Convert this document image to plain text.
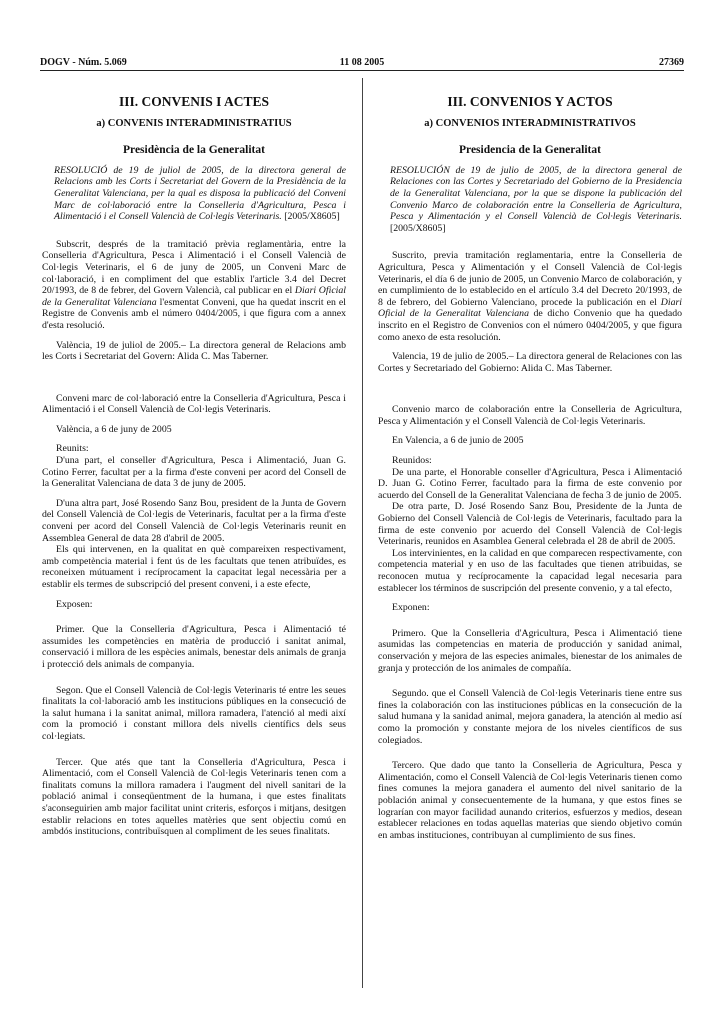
DOGV - Núm. 5.069	11 08 2005	27369
III. CONVENIS I ACTES
a) CONVENIS INTERADMINISTRATIUS
Presidència de la Generalitat
RESOLUCIÓ de 19 de juliol de 2005, de la directora general de Relacions amb les Corts i Secretariat del Govern de la Presidència de la Generalitat Valenciana, per la qual es disposa la publicació del Conveni Marc de col·laboració entre la Conselleria d'Agricultura, Pesca i Alimentació i el Consell Valencià de Col·legis Veterinaris. [2005/X8605]

Subscrit, després de la tramitació prèvia reglamentària, entre la Conselleria d'Agricultura, Pesca i Alimentació i el Consell Valencià de Col·legis Veterinaris, el 6 de juny de 2005, un Conveni Marc de col·laboració, i en compliment del que establix l'article 3.4 del Decret 20/1993, de 8 de febrer, del Govern Valencià, cal publicar en el Diari Oficial de la Generalitat Valenciana l'esmentat Conveni, que ha quedat inscrit en el Registre de Convenis amb el número 0404/2005, i que figura com a annex d'esta resolució.

València, 19 de juliol de 2005.– La directora general de Relacions amb les Corts i Secretariat del Govern: Alida C. Mas Taberner.

Conveni marc de col·laboració entre la Conselleria d'Agricultura, Pesca i Alimentació i el Consell Valencià de Col·legis Veterinaris.

València, a 6 de juny de 2005

Reunits:

D'una part, el conseller d'Agricultura, Pesca i Alimentació, Juan G. Cotino Ferrer, facultat per a la firma d'este conveni per acord del Consell de la Generalitat Valenciana de data 3 de juny de 2005.

D'una altra part, José Rosendo Sanz Bou, president de la Junta de Govern del Consell Valencià de Col·legis de Veterinaris, facultat per a la firma d'este conveni per acord del Consell Valencià de Col·legis Veterinaris reunit en Assemblea General de data 28 d'abril de 2005.

Els qui intervenen, en la qualitat en què compareixen respectivament, amb competència material i fent ús de les facultats que tenen atribuïdes, es reconeixen mútuament i recíprocament la capacitat legal necessària per a establir els termes de subscripció del present conveni, i a este efecte,

Exposen:

Primer. Que la Conselleria d'Agricultura, Pesca i Alimentació té assumides les competències en matèria de producció i sanitat animal, conservació i millora de les espècies animals, benestar dels animals de granja i protecció dels animals de companyia.

Segon. Que el Consell Valencià de Col·legis Veterinaris té entre les seues finalitats la col·laboració amb les institucions públiques en la consecució de la salut humana i la sanitat animal, millora ramadera, l'atenció al medi així com la promoció i constant millora dels nivells científics dels seus col·legiats.

Tercer. Que atés que tant la Conselleria d'Agricultura, Pesca i Alimentació, com el Consell Valencià de Col·legis Veterinaris tenen com a finalitats comuns la millora ramadera i l'augment del nivell sanitari de la població animal i conseqüentment de la humana, i que estes finalitats s'aconseguirien amb major facilitat unint criteris, esforços i mitjans, desitgen establir relacions en totes aquelles matèries que sent objectiu comú en ambdós institucions, contribuïsquen al compliment de les seues finalitats.

III. CONVENIOS Y ACTOS
a) CONVENIOS INTERADMINISTRATIVOS
Presidencia de la Generalitat
RESOLUCIÓN de 19 de julio de 2005, de la directora general de Relaciones con las Cortes y Secretariado del Gobierno de la Presidencia de la Generalitat Valenciana, por la que se dispone la publicación del Convenio Marco de colaboración entre la Conselleria de Agricultura, Pesca y Alimentación y el Consell Valencià de Col·legis Veterinaris. [2005/X8605]

Suscrito, previa tramitación reglamentaria, entre la Conselleria de Agricultura, Pesca y Alimentación y el Consell Valencià de Col·legis Veterinaris, el día 6 de junio de 2005, un Convenio Marco de colaboración, y en cumplimiento de lo establecido en el artículo 3.4 del Decreto 20/1993, de 8 de febrero, del Gobierno Valenciano, procede la publicación en el Diari Oficial de la Generalitat Valenciana de dicho Convenio que ha quedado inscrito en el Registro de Convenios con el número 0404/2005, y que figura como anexo de esta resolución.

Valencia, 19 de julio de 2005.– La directora general de Relaciones con las Cortes y Secretariado del Gobierno: Alida C. Mas Taberner.

Convenio marco de colaboración entre la Conselleria de Agricultura, Pesca y Alimentación y el Consell Valencià de Col·legis Veterinaris.

En Valencia, a 6 de junio de 2005

Reunidos:

De una parte, el Honorable conseller d'Agricultura, Pesca i Alimentació D. Juan G. Cotino Ferrer, facultado para la firma de este convenio por acuerdo del Consell de la Generalitat Valenciana de fecha 3 de junio de 2005.

De otra parte, D. José Rosendo Sanz Bou, Presidente de la Junta de Gobierno del Consell Valencià de Col·legis de Veterinaris, facultado para la firma de este convenio por acuerdo del Consell Valencià de Col·legis Veterinaris, reunidos en Asamblea General celebrada el 28 de abril de 2005.

Los intervinientes, en la calidad en que comparecen respectivamente, con competencia material y en uso de las facultades que tienen atribuidas, se reconocen mutua y recíprocamente la capacidad legal necesaria para establecer los términos de suscripción del presente convenio, y a tal efecto,

Exponen:

Primero. Que la Conselleria d'Agricultura, Pesca i Alimentació tiene asumidas las competencias en materia de producción y sanidad animal, conservación y mejora de las especies animales, bienestar de los animales de granja y protección de los animales de compañía.

Segundo. que el Consell Valencià de Col·legis Veterinaris tiene entre sus fines la colaboración con las instituciones públicas en la consecución de la salud humana y la sanidad animal, mejora ganadera, la atención al medio así como la promoción y constante mejora de los niveles científicos de sus colegiados.

Tercero. Que dado que tanto la Conselleria de Agricultura, Pesca y Alimentación, como el Consell Valencià de Col·legis Veterinaris tienen como fines comunes la mejora ganadera el aumento del nivel sanitario de la población animal y consecuentemente de la humana, y que estos fines se lograrían con mayor facilidad aunando criterios, esfuerzos y medios, desean establecer relaciones en todas aquellas materias que siendo objetivo común en ambas instituciones, contribuyan al cumplimiento de sus fines.
